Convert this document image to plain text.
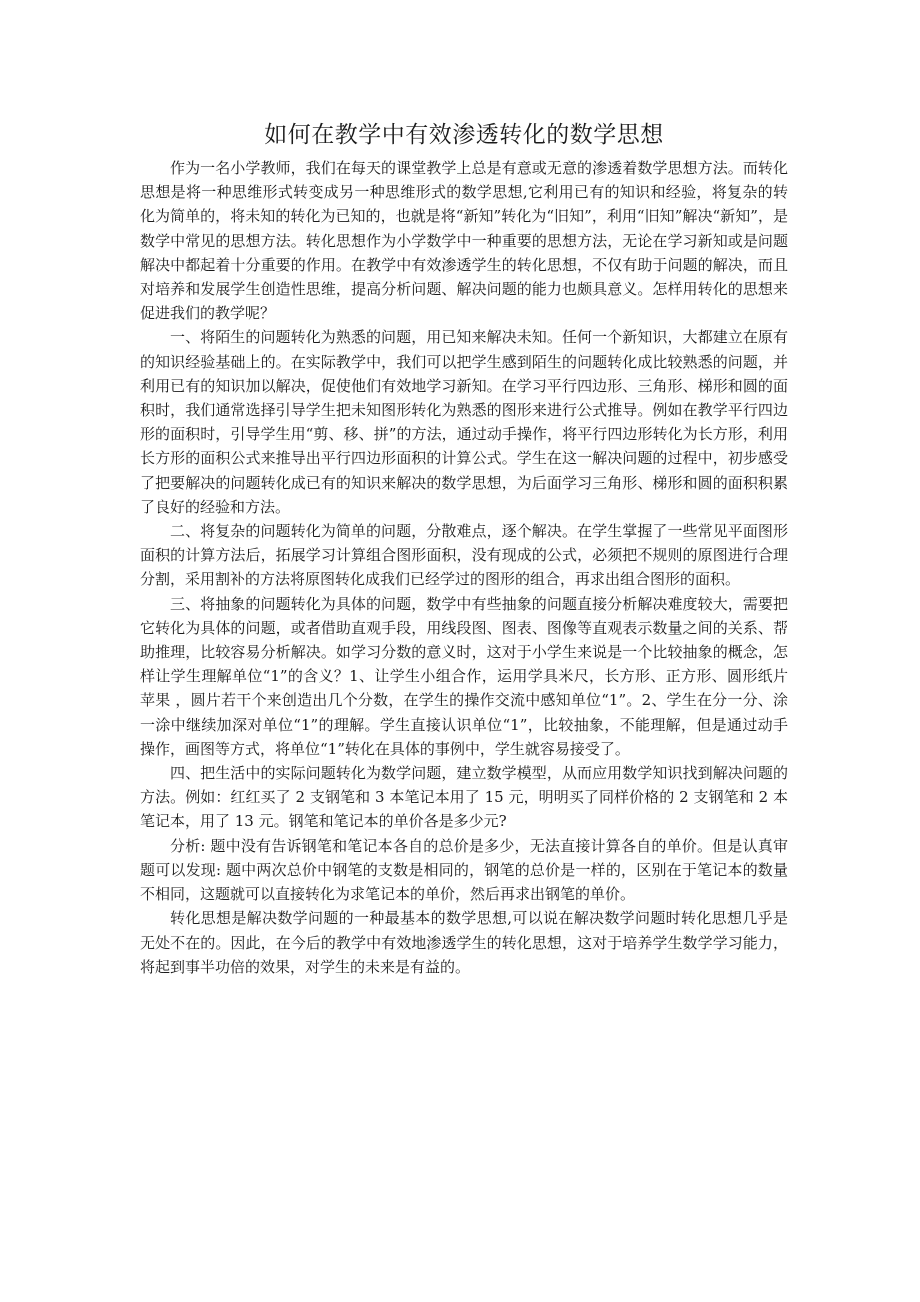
如何在教学中有效渗透转化的数学思想

作为一名小学教师，我们在每天的课堂教学上总是有意或无意的渗透着数学思想方法。而转化思想是将一种思维形式转变成另一种思维形式的数学思想,它利用已有的知识和经验，将复杂的转化为简单的，将未知的转化为已知的，也就是将“新知”转化为“旧知”，利用“旧知”解决“新知”，是数学中常见的思想方法。转化思想作为小学数学中一种重要的思想方法，无论在学习新知或是问题解决中都起着十分重要的作用。在教学中有效渗透学生的转化思想，不仅有助于问题的解决，而且对培养和发展学生创造性思维，提高分析问题、解决问题的能力也颇具意义。怎样用转化的思想来促进我们的教学呢？

一、将陌生的问题转化为熟悉的问题，用已知来解决未知。任何一个新知识，大都建立在原有的知识经验基础上的。在实际教学中，我们可以把学生感到陌生的问题转化成比较熟悉的问题，并利用已有的知识加以解决，促使他们有效地学习新知。在学习平行四边形、三角形、梯形和圆的面积时，我们通常选择引导学生把未知图形转化为熟悉的图形来进行公式推导。例如在教学平行四边形的面积时，引导学生用“剪、移、拼”的方法，通过动手操作，将平行四边形转化为长方形，利用长方形的面积公式来推导出平行四边形面积的计算公式。学生在这一解决问题的过程中，初步感受了把要解决的问题转化成已有的知识来解决的数学思想，为后面学习三角形、梯形和圆的面积积累了良好的经验和方法。

二、将复杂的问题转化为简单的问题，分散难点，逐个解决。在学生掌握了一些常见平面图形面积的计算方法后，拓展学习计算组合图形面积，没有现成的公式，必须把不规则的原图进行合理分割，采用割补的方法将原图转化成我们已经学过的图形的组合，再求出组合图形的面积。

三、将抽象的问题转化为具体的问题，数学中有些抽象的问题直接分析解决难度较大，需要把它转化为具体的问题，或者借助直观手段，用线段图、图表、图像等直观表示数量之间的关系、帮助推理，比较容易分析解决。如学习分数的意义时，这对于小学生来说是一个比较抽象的概念，怎样让学生理解单位“1”的含义？1、让学生小组合作，运用学具米尺，长方形、正方形、圆形纸片 苹果 ，圆片若干个来创造出几个分数，在学生的操作交流中感知单位“1”。2、学生在分一分、涂一涂中继续加深对单位“1”的理解。学生直接认识单位“1”，比较抽象，不能理解，但是通过动手操作，画图等方式，将单位“1”转化在具体的事例中，学生就容易接受了。

四、把生活中的实际问题转化为数学问题，建立数学模型，从而应用数学知识找到解决问题的方法。例如：红红买了 2 支钢笔和 3 本笔记本用了 15 元，明明买了同样价格的 2 支钢笔和 2 本笔记本，用了 13 元。钢笔和笔记本的单价各是多少元?

分析: 题中没有告诉钢笔和笔记本各自的总价是多少，无法直接计算各自的单价。但是认真审题可以发现: 题中两次总价中钢笔的支数是相同的，钢笔的总价是一样的，区别在于笔记本的数量不相同，这题就可以直接转化为求笔记本的单价，然后再求出钢笔的单价。

转化思想是解决数学问题的一种最基本的数学思想,可以说在解决数学问题时转化思想几乎是无处不在的。因此，在今后的教学中有效地渗透学生的转化思想，这对于培养学生数学学习能力，将起到事半功倍的效果，对学生的未来是有益的。
